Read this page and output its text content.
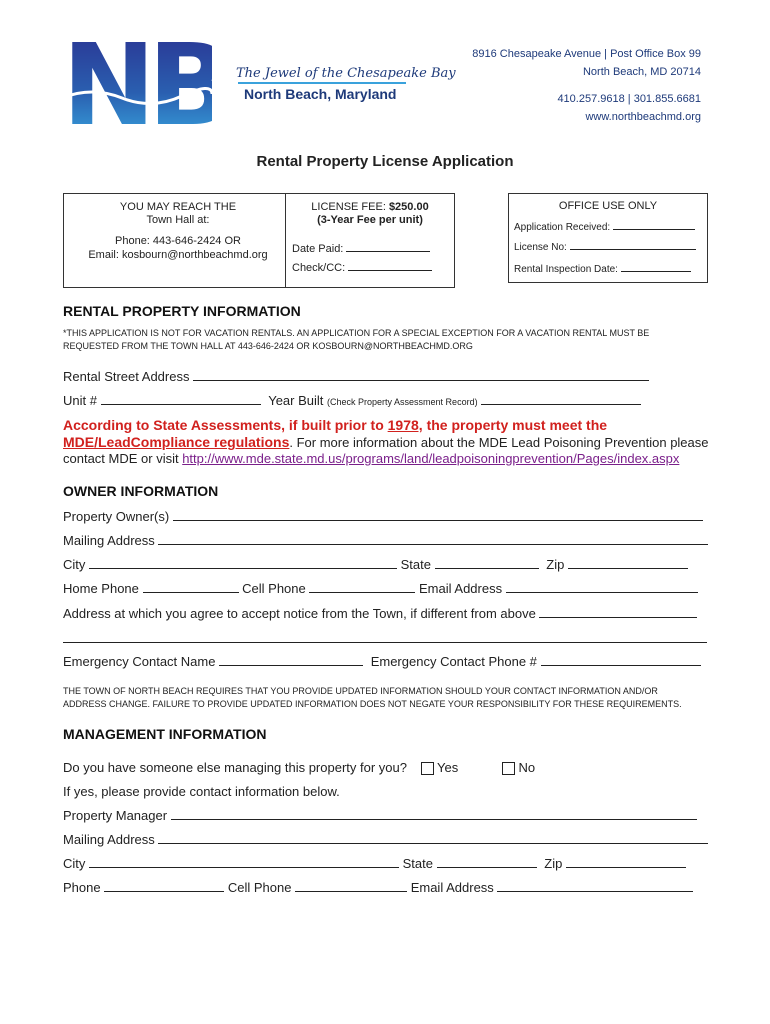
NB The Jewel of the Chesapeake Bay
North Beach, Maryland
8916 Chesapeake Avenue | Post Office Box 99
North Beach, MD 20714
410.257.9618 | 301.855.6681
www.northbeachmd.org
Rental Property License Application
YOU MAY REACH THE
Town Hall at:
Phone: 443-646-2424 OR
Email: kosbourn@northbeachmd.org
LICENSE FEE: $250.00
(3-Year Fee per unit)
Date Paid:
Check/CC:
OFFICE USE ONLY
Application Received:
License No:
Rental Inspection Date:
RENTAL PROPERTY INFORMATION
*THIS APPLICATION IS NOT FOR VACATION RENTALS. AN APPLICATION FOR A SPECIAL EXCEPTION FOR A VACATION RENTAL MUST BE
REQUESTED FROM THE TOWN HALL AT 443-646-2424 OR KOSBOURN@NORTHBEACHMD.ORG
Rental Street Address
Unit #	Year Built (Check Property Assessment Record)
According to State Assessments, if built prior to 1978, the property must meet the
MDE/LeadCompliance regulations. For more information about the MDE Lead Poisoning Prevention please
contact MDE or visit http://www.mde.state.md.us/programs/land/leadpoisoningprevention/Pages/index.aspx
OWNER INFORMATION
Property Owner(s)
Mailing Address
City	State	Zip
Home Phone	Cell Phone	Email Address
Address at which you agree to accept notice from the Town, if different from above
Emergency Contact Name	Emergency Contact Phone #
THE TOWN OF NORTH BEACH REQUIRES THAT YOU PROVIDE UPDATED INFORMATION SHOULD YOUR CONTACT INFORMATION AND/OR
ADDRESS CHANGE. FAILURE TO PROVIDE UPDATED INFORMATION DOES NOT NEGATE YOUR RESPONSIBILITY FOR THESE REQUIREMENTS.
MANAGEMENT INFORMATION
Do you have someone else managing this property for you? Yes	No
If yes, please provide contact information below.
Property Manager
Mailing Address
City	State	Zip
Phone	Cell Phone	Email Address
